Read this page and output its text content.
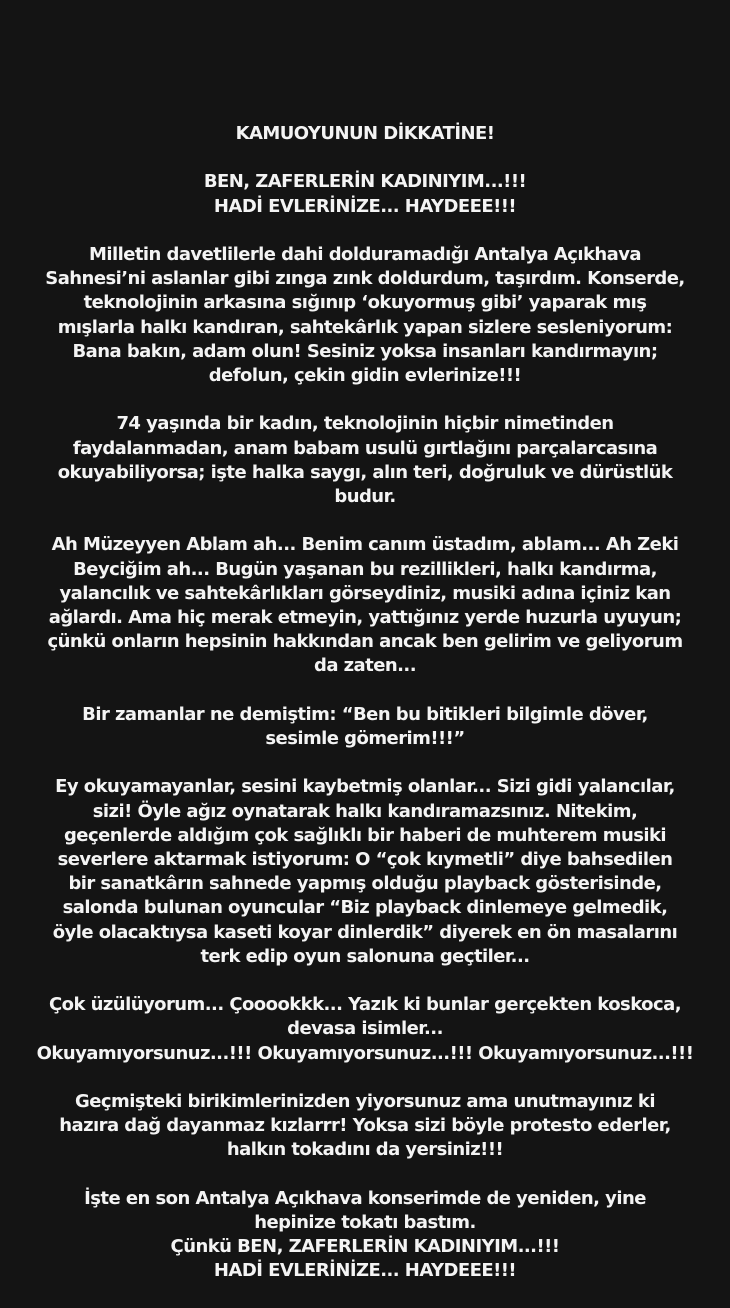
KAMUOYUNUN DİKKATİNE!
BEN, ZAFERLERİN KADINIYIM...!!!
HADİ EVLERİNİZE... HAYDEEE!!!
Milletin davetlilerle dahi dolduramadığı Antalya Açıkhava
Sahnesi’ni aslanlar gibi zınga zınk doldurdum, taşırdım. Konserde,
teknolojinin arkasına sığınıp ‘okuyormuş gibi’ yaparak mış
mışlarla halkı kandıran, sahtekârlık yapan sizlere sesleniyorum:
Bana bakın, adam olun! Sesiniz yoksa insanları kandırmayın;
defolun, çekin gidin evlerinize!!!
74 yaşında bir kadın, teknolojinin hiçbir nimetinden
faydalanmadan, anam babam usulü gırtlağını parçalarcasına
okuyabiliyorsa; işte halka saygı, alın teri, doğruluk ve dürüstlük
budur.
Ah Müzeyyen Ablam ah... Benim canım üstadım, ablam... Ah Zeki
Beyciğim ah... Bugün yaşanan bu rezillikleri, halkı kandırma,
yalancılık ve sahtekârlıkları görseydiniz, musiki adına içiniz kan
ağlardı. Ama hiç merak etmeyin, yattığınız yerde huzurla uyuyun;
çünkü onların hepsinin hakkından ancak ben gelirim ve geliyorum
da zaten...
Bir zamanlar ne demiştim: “Ben bu bitikleri bilgimle döver,
sesimle gömerim!!!”
Ey okuyamayanlar, sesini kaybetmiş olanlar... Sizi gidi yalancılar,
sizi! Öyle ağız oynatarak halkı kandıramazsınız. Nitekim,
geçenlerde aldığım çok sağlıklı bir haberi de muhterem musiki
severlere aktarmak istiyorum: O “çok kıymetli” diye bahsedilen
bir sanatkârın sahnede yapmış olduğu playback gösterisinde,
salonda bulunan oyuncular “Biz playback dinlemeye gelmedik,
öyle olacaktıysa kaseti koyar dinlerdik” diyerek en ön masalarını
terk edip oyun salonuna geçtiler...
Çok üzülüyorum... Çooookkk... Yazık ki bunlar gerçekten koskoca,
devasa isimler...
Okuyamıyorsunuz...!!! Okuyamıyorsunuz...!!! Okuyamıyorsunuz...!!!
Geçmişteki birikimlerinizden yiyorsunuz ama unutmayınız ki
hazıra dağ dayanmaz kızlarrr! Yoksa sizi böyle protesto ederler,
halkın tokadını da yersiniz!!!
İşte en son Antalya Açıkhava konserimde de yeniden, yine
hepinize tokatı bastım.
Çünkü BEN, ZAFERLERİN KADINIYIM...!!!
HADİ EVLERİNİZE... HAYDEEE!!!
